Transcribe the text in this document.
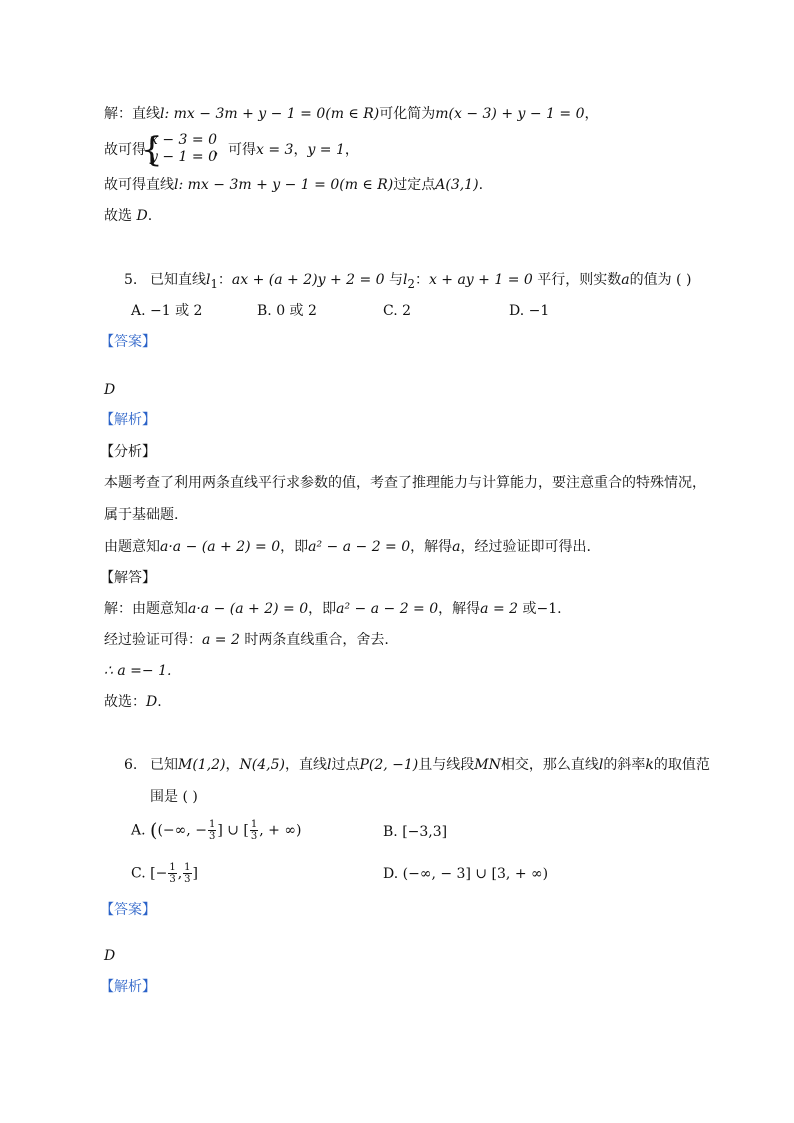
解：直线l: mx − 3m + y − 1 = 0(m ∈ R)可化简为m(x − 3) + y − 1 = 0，
故可得
{
x − 3 = 0
y − 1 = 0
，可得x = 3，y = 1，
故可得直线l: mx − 3m + y − 1 = 0(m ∈ R)过定点A(3,1).
故选 D.
5. 已知直线$l_1$：ax + (a + 2)y + 2 = 0 与$l_2$：x + ay + 1 = 0 平行，则实数a的值为 ( )
A. −1 或 2	B. 0 或 2	C. 2	D. −1
【答案】
D
【解析】
【分析】
本题考查了利用两条直线平行求参数的值，考查了推理能力与计算能力，要注意重合的特殊情况，
属于基础题.
由题意知a·a − (a + 2) = 0，即a² − a − 2 = 0，解得a，经过验证即可得出.
【解答】
解：由题意知a·a − (a + 2) = 0，即a² − a − 2 = 0，解得a = 2 或−1.
经过验证可得：a = 2 时两条直线重合，舍去.
∴ a =− 1.
故选：D.
6. 已知M(1,2)，N(4,5)，直线l过点P(2, −1)且与线段MN相交，那么直线l的斜率k的取值范
围是 ( )
A. ((−∞, − $\frac{1}{3}$ ] ∪ [ $\frac{1}{3}$ , + ∞)	B. [−3,3]
C. [− $\frac{1}{3}$ , $\frac{1}{3}$ ]	D. (−∞, − 3] ∪ [3, + ∞)
【答案】
D
【解析】
